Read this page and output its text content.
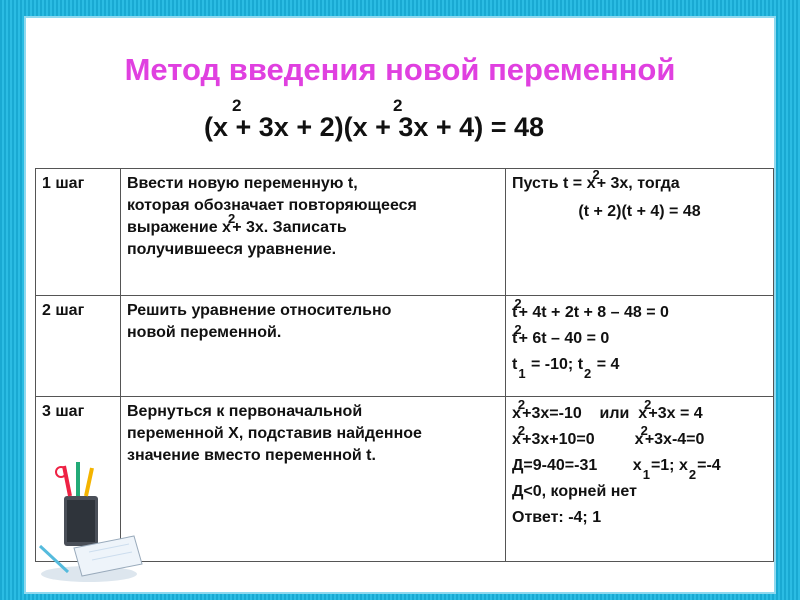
Метод введения новой переменной
(x + 3x + 2)(x + 3x + 4) = 48
2	2
1 шаг	Ввести новую переменную t,
которая обозначает повторяющееся
выражение $x^2+ 3x$. Записать
получившееся уравнение.	Пусть $t = x^2+ 3x$, тогда
(t + 2)(t + 4) = 48

2 шаг	Решить уравнение относительно
новой переменной.	$t^2+ 4t + 2t + 8 - 48 = 0$
$t^2+ 6t - 40 = 0$
$t_1 = -10$; $t_2 = 4$

3 шаг	Вернуться к первоначальной
переменной X, подставив найденное
значение вместо переменной t.	$x^2+3x=-10$    или  $x^2+3x = 4$
$x^2+3x+10=0$         $x^2+3x-4=0$
Д=9-40=-31 $x_1=1$; $x_2=-4$
Д<0, корней нет
Ответ: -4; 1
